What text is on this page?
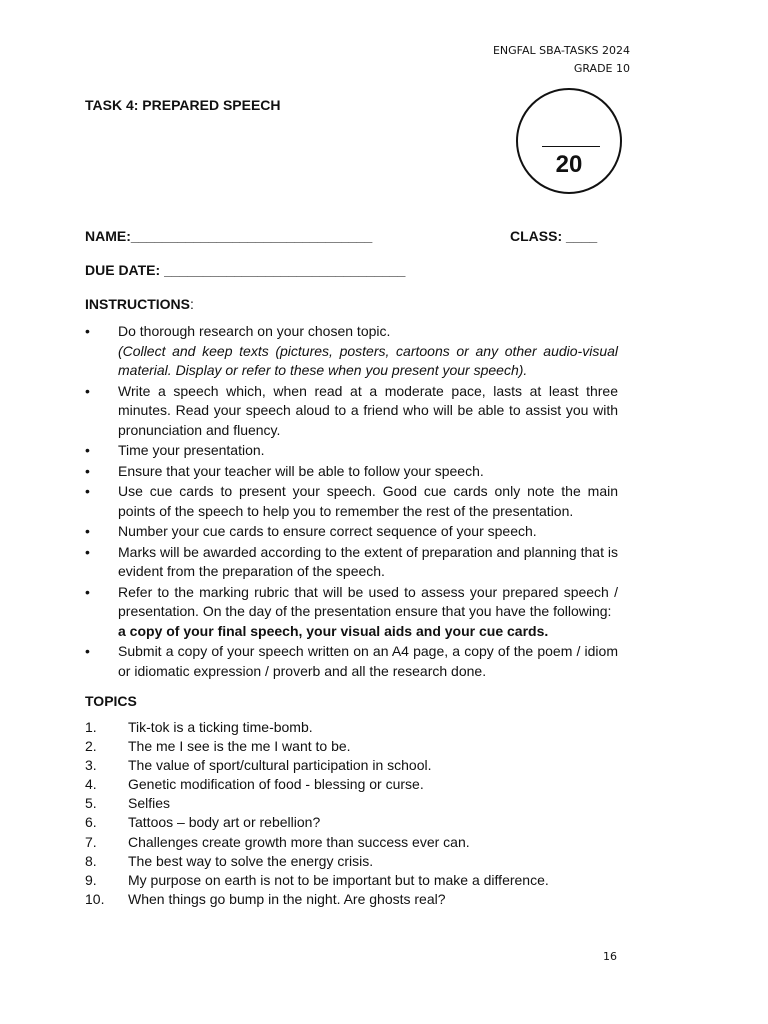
ENGFAL SBA-TASKS 2024
GRADE 10
TASK 4: PREPARED SPEECH
20
NAME:_______________________________	CLASS: ____
DUE DATE: _______________________________
INSTRUCTIONS:
• Do thorough research on your chosen topic.
(Collect and keep texts (pictures, posters, cartoons or any other audio-visual material. Display or refer to these when you present your speech).
• Write a speech which, when read at a moderate pace, lasts at least three minutes. Read your speech aloud to a friend who will be able to assist you with pronunciation and fluency.
• Time your presentation.
• Ensure that your teacher will be able to follow your speech.
• Use cue cards to present your speech. Good cue cards only note the main points of the speech to help you to remember the rest of the presentation.
• Number your cue cards to ensure correct sequence of your speech.
• Marks will be awarded according to the extent of preparation and planning that is evident from the preparation of the speech.
• Refer to the marking rubric that will be used to assess your prepared speech / presentation. On the day of the presentation ensure that you have the following:
a copy of your final speech, your visual aids and your cue cards.
• Submit a copy of your speech written on an A4 page, a copy of the poem / idiom or idiomatic expression / proverb and all the research done.
TOPICS
1. Tik-tok is a ticking time-bomb.
2. The me I see is the me I want to be.
3. The value of sport/cultural participation in school.
4. Genetic modification of food - blessing or curse.
5. Selfies
6. Tattoos – body art or rebellion?
7. Challenges create growth more than success ever can.
8. The best way to solve the energy crisis.
9. My purpose on earth is not to be important but to make a difference.
10. When things go bump in the night. Are ghosts real?
16
